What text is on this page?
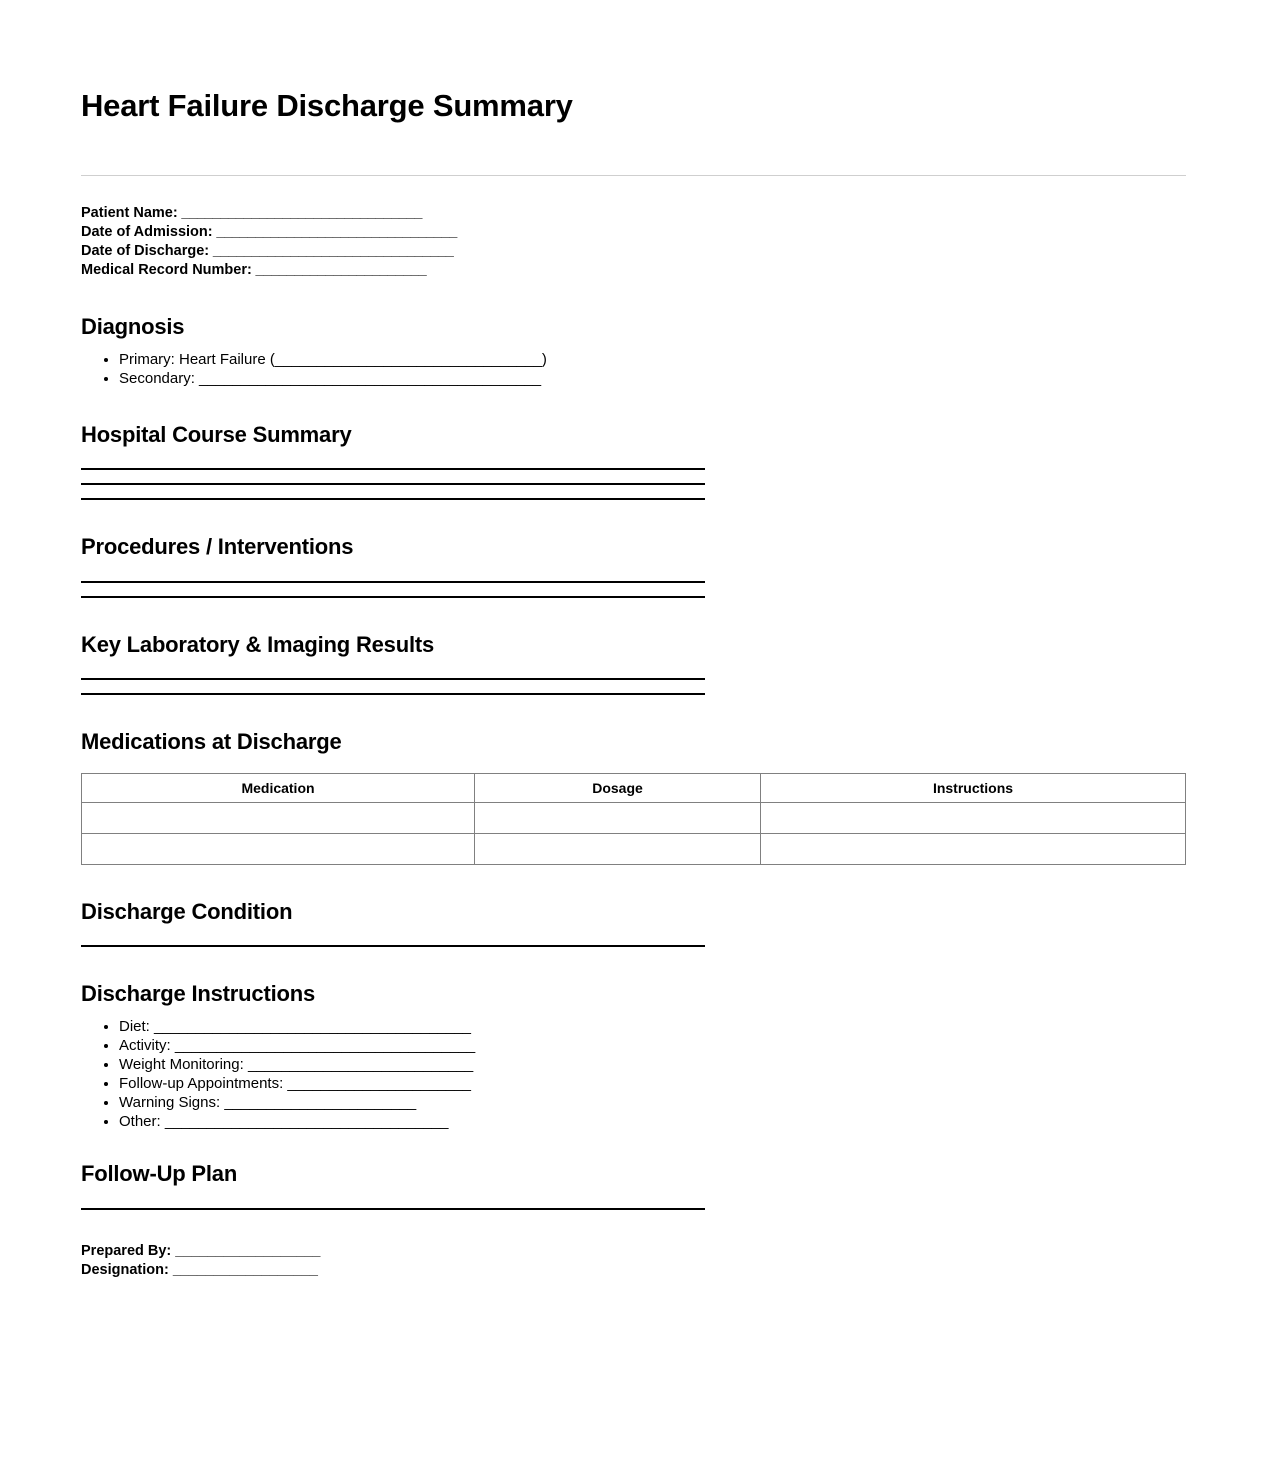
Heart Failure Discharge Summary
Patient Name: _______________________________
Date of Admission: _______________________________
Date of Discharge: _______________________________
Medical Record Number: ______________________
Diagnosis
• Primary: Heart Failure (________________________________)
• Secondary: _________________________________________
Hospital Course Summary
Procedures / Interventions
Key Laboratory & Imaging Results
Medications at Discharge
Medication	Dosage	Instructions

Discharge Condition
Discharge Instructions
• Diet: ______________________________________
• Activity: ____________________________________
• Weight Monitoring: ___________________________
• Follow-up Appointments: ______________________
• Warning Signs: _______________________
• Other: __________________________________
Follow-Up Plan
Prepared By: __________________
Designation: __________________
